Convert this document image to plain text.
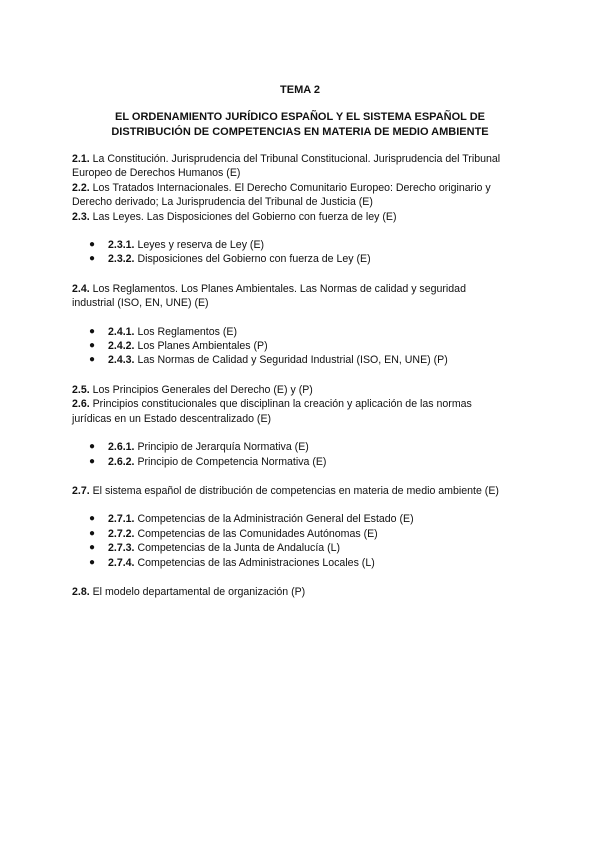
TEMA 2

EL ORDENAMIENTO JURÍDICO ESPAÑOL Y EL SISTEMA ESPAÑOL DE
DISTRIBUCIÓN DE COMPETENCIAS EN MATERIA DE MEDIO AMBIENTE
2.1. La Constitución. Jurisprudencia del Tribunal Constitucional. Jurisprudencia del Tribunal
Europeo de Derechos Humanos (E)
2.2. Los Tratados Internacionales. El Derecho Comunitario Europeo: Derecho originario y
Derecho derivado; La Jurisprudencia del Tribunal de Justicia (E)
2.3. Las Leyes. Las Disposiciones del Gobierno con fuerza de ley (E)
● 2.3.1. Leyes y reserva de Ley (E)
● 2.3.2. Disposiciones del Gobierno con fuerza de Ley (E)
2.4. Los Reglamentos. Los Planes Ambientales. Las Normas de calidad y seguridad
industrial (ISO, EN, UNE) (E)
● 2.4.1. Los Reglamentos (E)
● 2.4.2. Los Planes Ambientales (P)
● 2.4.3. Las Normas de Calidad y Seguridad Industrial (ISO, EN, UNE) (P)
2.5. Los Principios Generales del Derecho (E) y (P)
2.6. Principios constitucionales que disciplinan la creación y aplicación de las normas
jurídicas en un Estado descentralizado (E)
● 2.6.1. Principio de Jerarquía Normativa (E)
● 2.6.2. Principio de Competencia Normativa (E)
2.7. El sistema español de distribución de competencias en materia de medio ambiente (E)
● 2.7.1. Competencias de la Administración General del Estado (E)
● 2.7.2. Competencias de las Comunidades Autónomas (E)
● 2.7.3. Competencias de la Junta de Andalucía (L)
● 2.7.4. Competencias de las Administraciones Locales (L)
2.8. El modelo departamental de organización (P)
